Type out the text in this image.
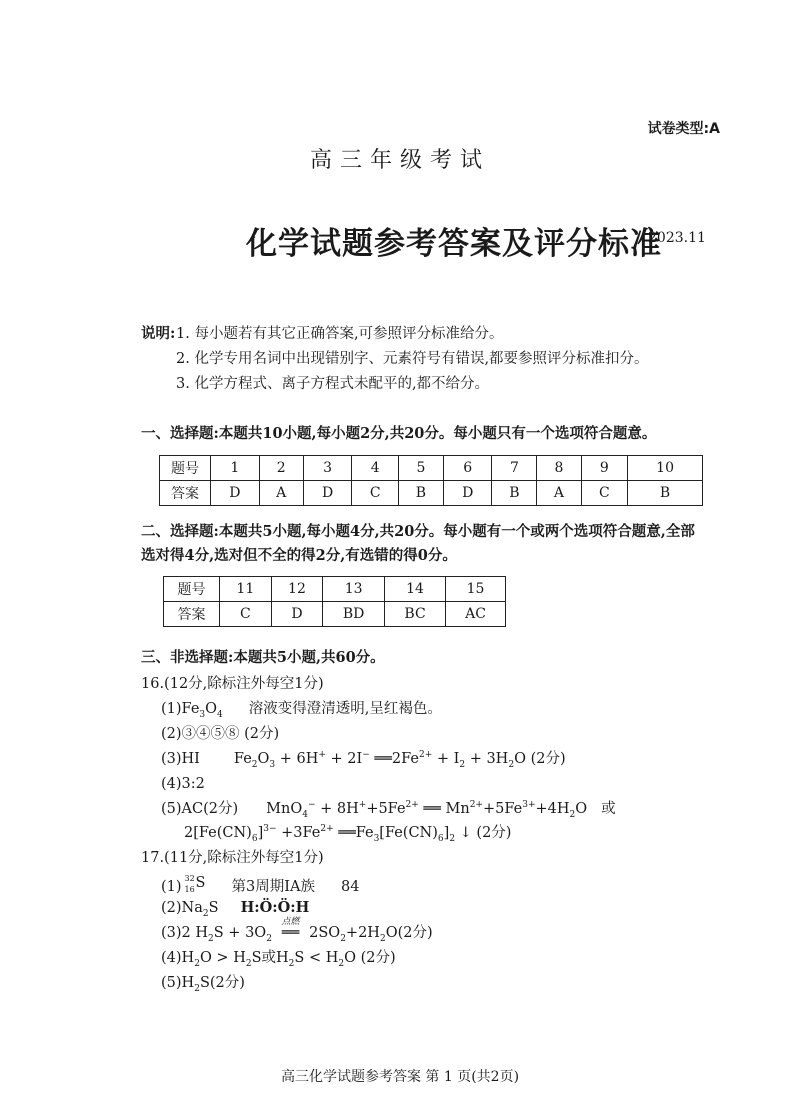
试卷类型:A
高三年级考试
化学试题参考答案及评分标准
2023.11
说明: 1. 每小题若有其它正确答案,可参照评分标准给分。
2. 化学专用名词中出现错别字、元素符号有错误,都要参照评分标准扣分。
3. 化学方程式、离子方程式未配平的,都不给分。
一、选择题:本题共10小题,每小题2分,共20分。每小题只有一个选项符合题意。
题号	1	2	3	4	5	6	7	8	9	10
答案	D	A	D	C	B	D	B	A	C	B
二、选择题:本题共5小题,每小题4分,共20分。每小题有一个或两个选项符合题意,全部
选对得4分,选对但不全的得2分,有选错的得0分。
题号	11	12	13	14	15
答案	C	D	BD	BC	AC
三、非选择题:本题共5小题,共60分。
16.(12分,除标注外每空1分)
$(1)Fe_3O_4$ 溶液变得澄清透明,呈红褐色。
(2)③④⑤⑧ (2分)
(3)HI $Fe_2O_3 + 6H^+ + 2I^-$ $══2Fe^{2+} + I_2 + 3H_2O$ (2分)
(4)3:2
(5)AC(2分) $MnO_4^- + 8H^++5Fe^{2+}$ ══ $Mn^{2+}+5Fe^{3+}+4H_2O$ 或
$2[Fe(CN)_6]^{3-} +3Fe^{2+}$ $══Fe_3[Fe(CN)_6]_2$ ↓ (2分)
17.(11分,除标注外每空1分)
(1)
32
16 S 第3周期ⅠA族 84
$(2)Na_2S$ H:Ö:Ö:H
(3)2 $H_2S + 3O_2$
点燃
══ $2SO_2+2H_2O(2$分)
$(4)H_2O > H_2S$或$H_2S < H_2O$ (2分)
$(5)H_2S(2$分)
高三化学试题参考答案 第 1 页(共2页)
